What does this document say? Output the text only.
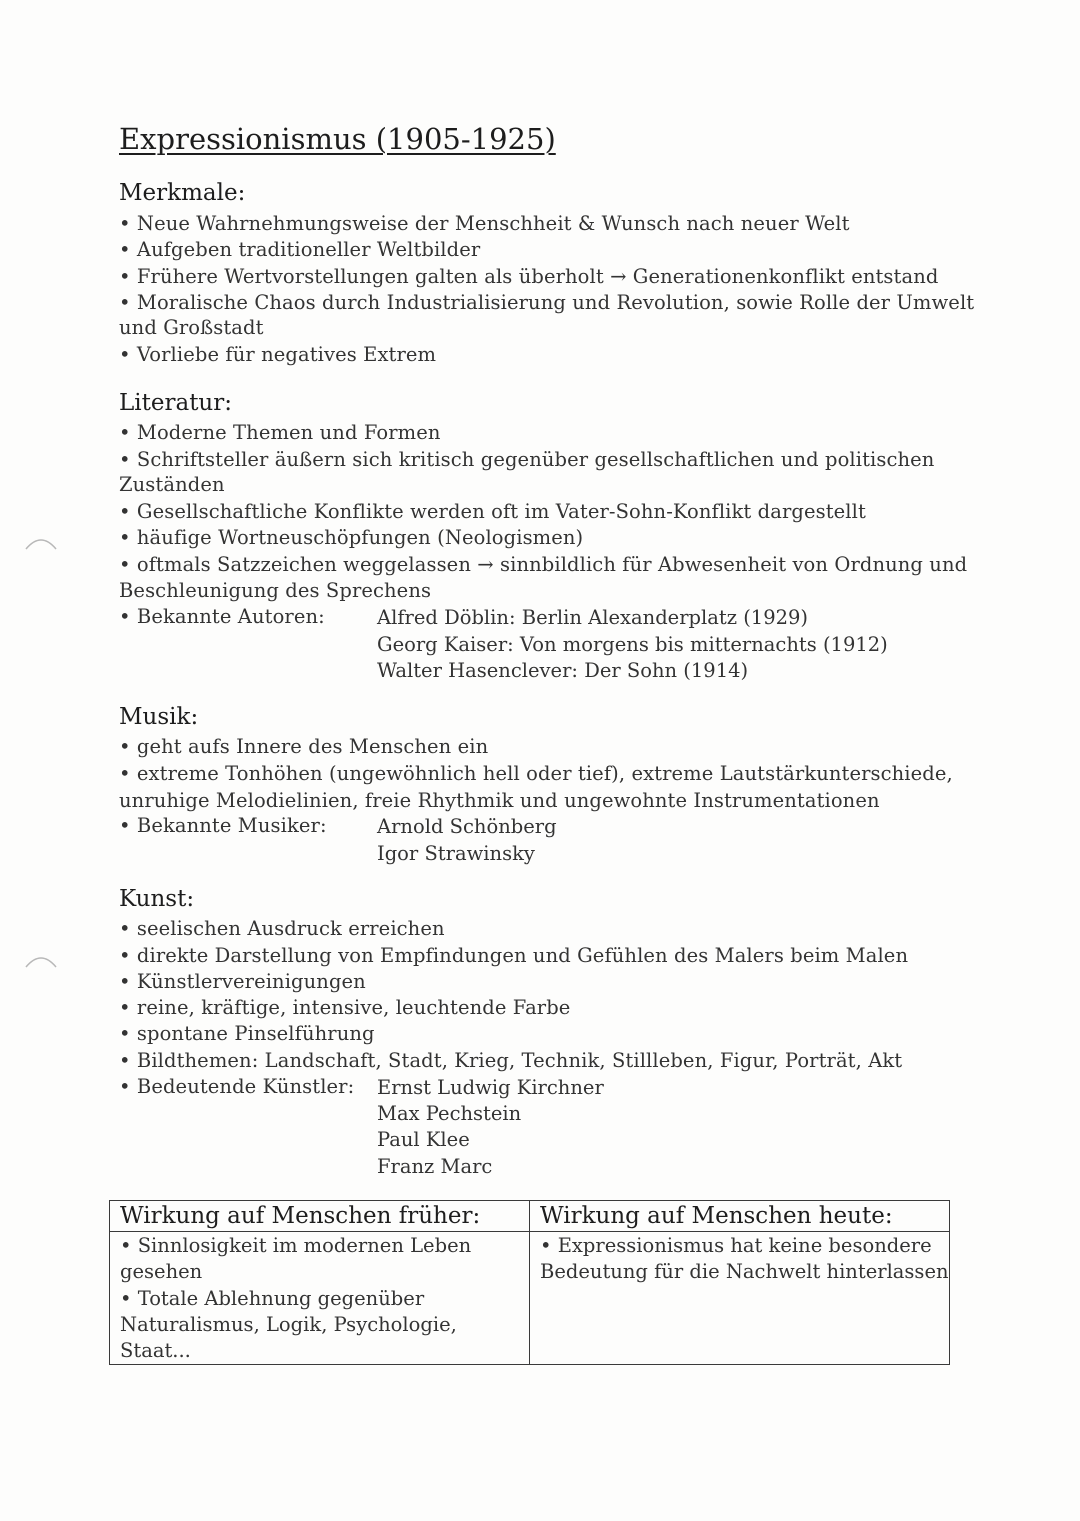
Expressionismus (1905-1925)
Merkmale:
• Neue Wahrnehmungsweise der Menschheit & Wunsch nach neuer Welt
• Aufgeben traditioneller Weltbilder
• Frühere Wertvorstellungen galten als überholt → Generationenkonflikt entstand
• Moralische Chaos durch Industrialisierung und Revolution, sowie Rolle der Umwelt
und Großstadt
• Vorliebe für negatives Extrem
Literatur:
• Moderne Themen und Formen
• Schriftsteller äußern sich kritisch gegenüber gesellschaftlichen und politischen
Zuständen
• Gesellschaftliche Konflikte werden oft im Vater-Sohn-Konflikt dargestellt
• häufige Wortneuschöpfungen (Neologismen)
• oftmals Satzzeichen weggelassen → sinnbildlich für Abwesenheit von Ordnung und
Beschleunigung des Sprechens
• Bekannte Autoren:	Alfred Döblin: Berlin Alexanderplatz (1929)
Georg Kaiser: Von morgens bis mitternachts (1912)
Walter Hasenclever: Der Sohn (1914)
Musik:
• geht aufs Innere des Menschen ein
• extreme Tonhöhen (ungewöhnlich hell oder tief), extreme Lautstärkunterschiede,
unruhige Melodielinien, freie Rhythmik und ungewohnte Instrumentationen
• Bekannte Musiker:	Arnold Schönberg
Igor Strawinsky
Kunst:
• seelischen Ausdruck erreichen
• direkte Darstellung von Empfindungen und Gefühlen des Malers beim Malen
• Künstlervereinigungen
• reine, kräftige, intensive, leuchtende Farbe
• spontane Pinselführung
• Bildthemen: Landschaft, Stadt, Krieg, Technik, Stillleben, Figur, Porträt, Akt
• Bedeutende Künstler: Ernst Ludwig Kirchner
Max Pechstein
Paul Klee
Franz Marc
Wirkung auf Menschen früher:	Wirkung auf Menschen heute:

• Sinnlosigkeit im modernen Leben
gesehen
• Totale Ablehnung gegenüber
Naturalismus, Logik, Psychologie,
Staat...	• Expressionismus hat keine besondere
Bedeutung für die Nachwelt hinterlassen
